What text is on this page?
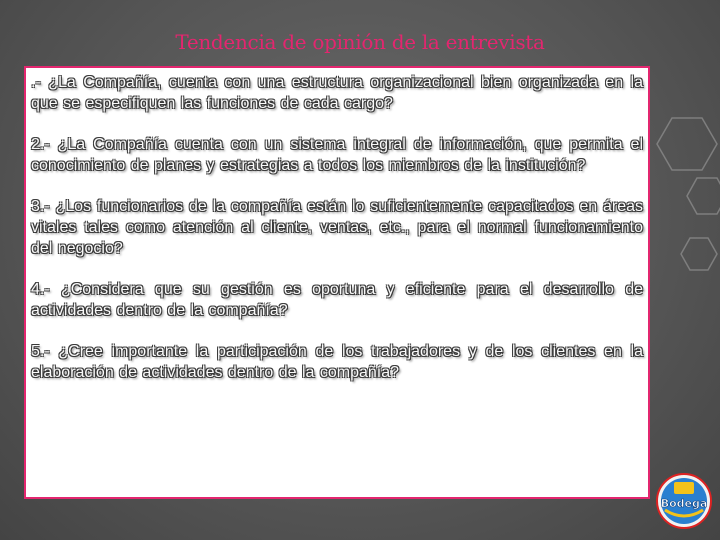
Tendencia de opinión de la entrevista

.- ¿La Compañía, cuenta con una estructura organizacional bien organizada en la que se especifiquen las funciones de cada cargo?

2.- ¿La Compañía cuenta con un sistema integral de información, que permita el conocimiento de planes y estrategias a todos los miembros de la institución?

3.- ¿Los funcionarios de la compañía están lo suficientemente capacitados en áreas vitales tales como atención al cliente, ventas, etc., para el normal funcionamiento del negocio?

4.- ¿Considera que su gestión es oportuna y eficiente para el desarrollo de actividades dentro de la compañía?

5.- ¿Cree importante la participación de los trabajadores y de los clientes en la elaboración de actividades dentro de la compañía?

Bodega
